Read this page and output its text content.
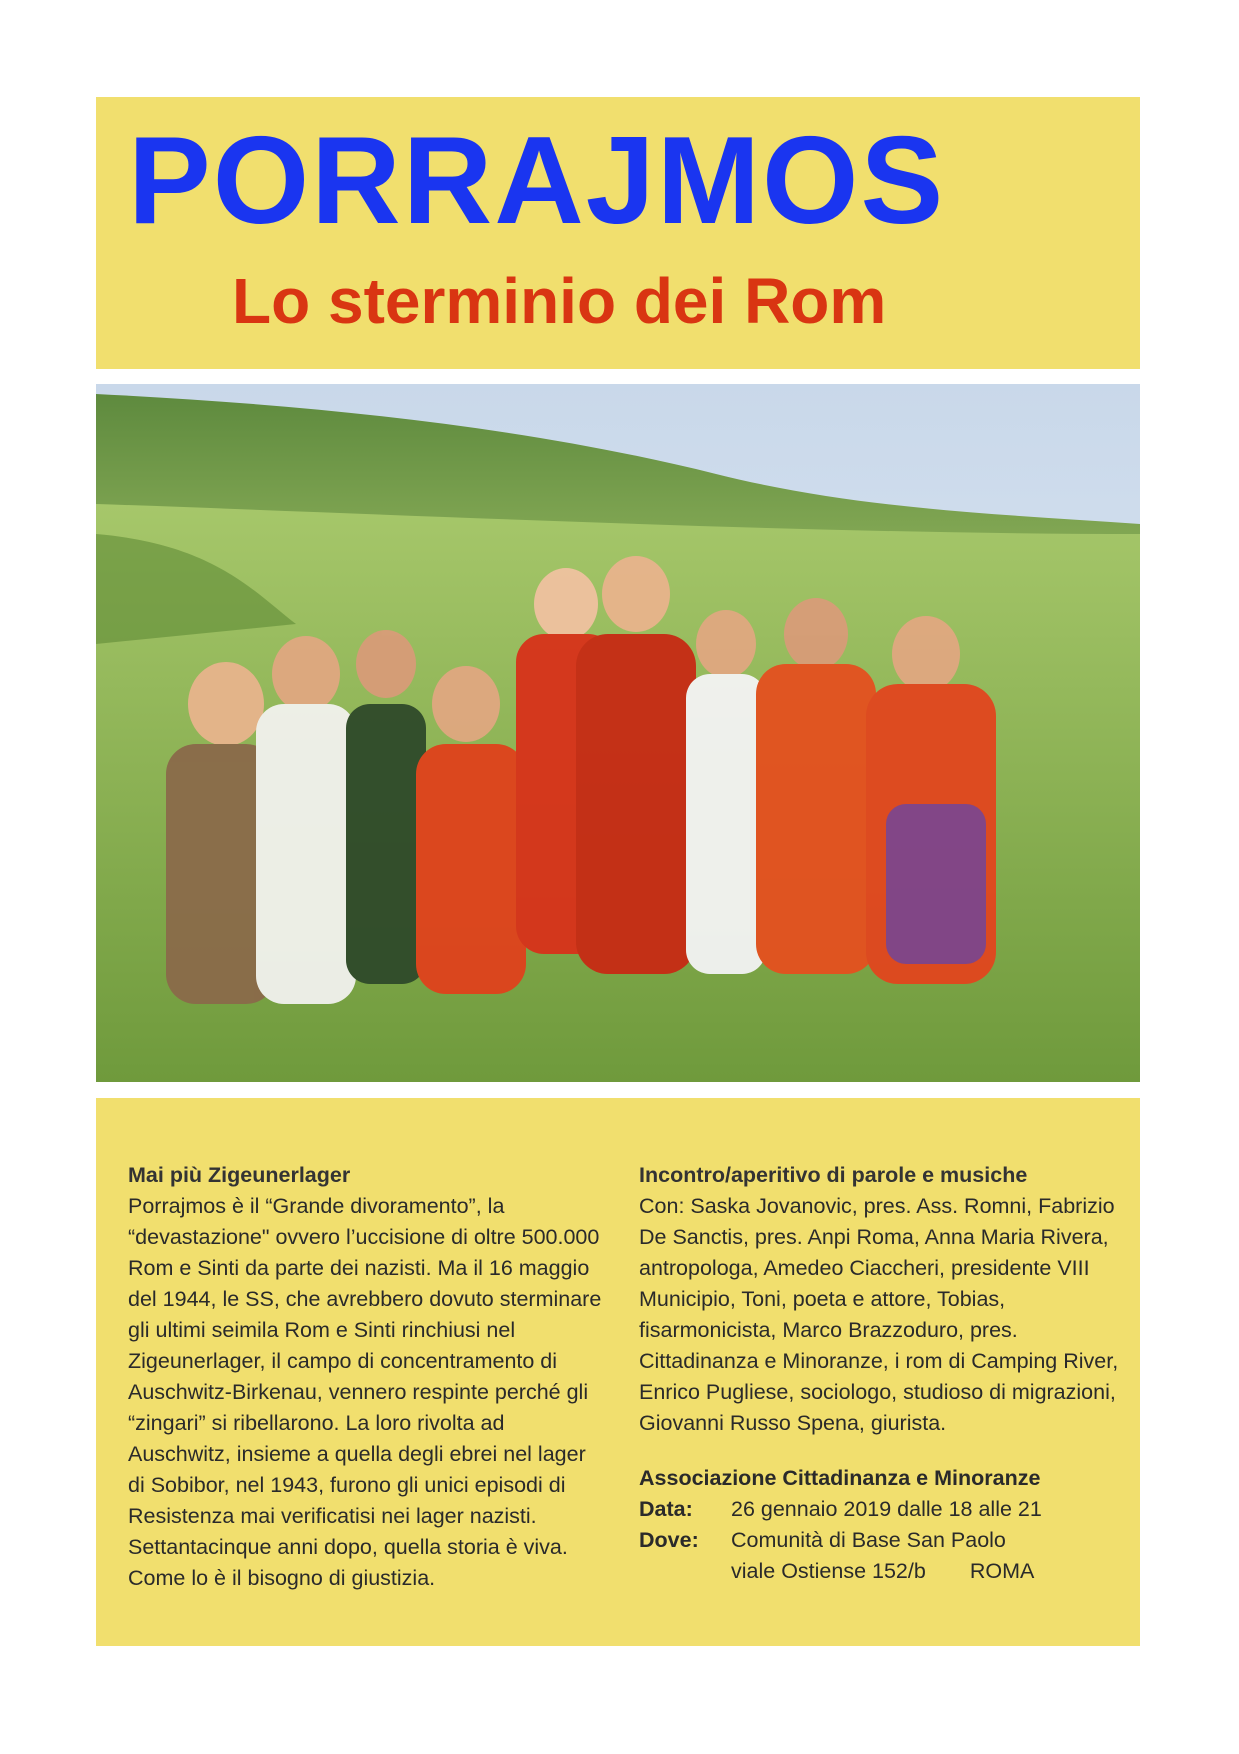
PORRAJMOS
Lo sterminio dei Rom
Mai più Zigeunerlager

Porrajmos è il “Grande divoramento”, la “devastazione" ovvero l’uccisione di oltre 500.000 Rom e Sinti da parte dei nazisti. Ma il 16 maggio del 1944, le SS, che avrebbero dovuto sterminare gli ultimi seimila Rom e Sinti rinchiusi nel Zigeunerlager, il campo di concentramento di Auschwitz-Birkenau, vennero respinte perché gli “zingari” si ribellarono. La loro rivolta ad Auschwitz, insieme a quella degli ebrei nel lager di Sobibor, nel 1943, furono gli unici episodi di Resistenza mai verificatisi nei lager nazisti. Settantacinque anni dopo, quella storia è viva. Come lo è il bisogno di giustizia.

Incontro/aperitivo di parole e musiche

Con: Saska Jovanovic, pres. Ass. Romni, Fabrizio De Sanctis, pres. Anpi Roma, Anna Maria Rivera, antropologa, Amedeo Ciaccheri, presidente VIII Municipio, Toni, poeta e attore, Tobias, fisarmonicista, Marco Brazzoduro, pres. Cittadinanza e Minoranze, i rom di Camping River, Enrico Pugliese, sociologo, studioso di migrazioni, Giovanni Russo Spena, giurista.

Associazione Cittadinanza e Minoranze
Data:	26 gennaio 2019 dalle 18 alle 21
Dove:	Comunità di Base San Paolo
viale Ostiense 152/b ROMA
